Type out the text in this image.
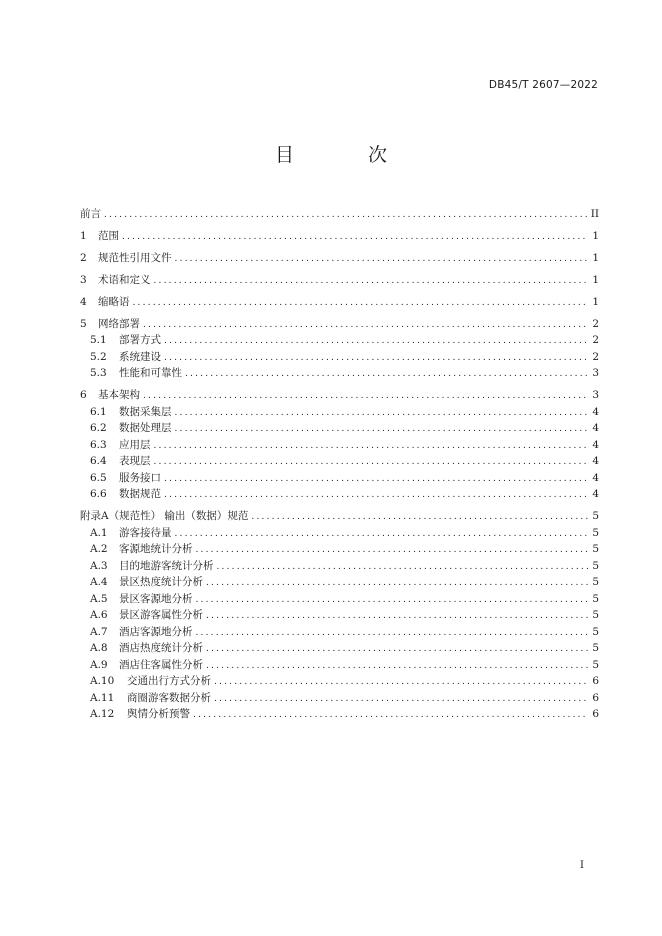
DB45/T 2607—2022
目 次
前言 .....	II
1	范围 .....	1
2	规范性引用文件 .....	1
3	术语和定义 .....	1
4	缩略语 .....	1
5	网络部署 .....	2
5.1	部署方式 .....	2
5.2	系统建设 .....	2
5.3	性能和可靠性 .....	3
6	基本架构 .....	3
6.1	数据采集层 .....	4
6.2	数据处理层 .....	4
6.3	应用层 .....	4
6.4	表现层 .....	4
6.5	服务接口 .....	4
6.6	数据规范 .....	4
附录A（规范性） 输出（数据）规范 .....	5
A.1	游客接待量 .....	5
A.2	客源地统计分析 .....	5
A.3	目的地游客统计分析 .....	5
A.4	景区热度统计分析 .....	5
A.5	景区客源地分析 .....	5
A.6	景区游客属性分析 .....	5
A.7	酒店客源地分析 .....	5
A.8	酒店热度统计分析 .....	5
A.9	酒店住客属性分析 .....	5
A.10	交通出行方式分析 .....	6
A.11	商圈游客数据分析 .....	6
A.12	舆情分析预警 .....	6
I
